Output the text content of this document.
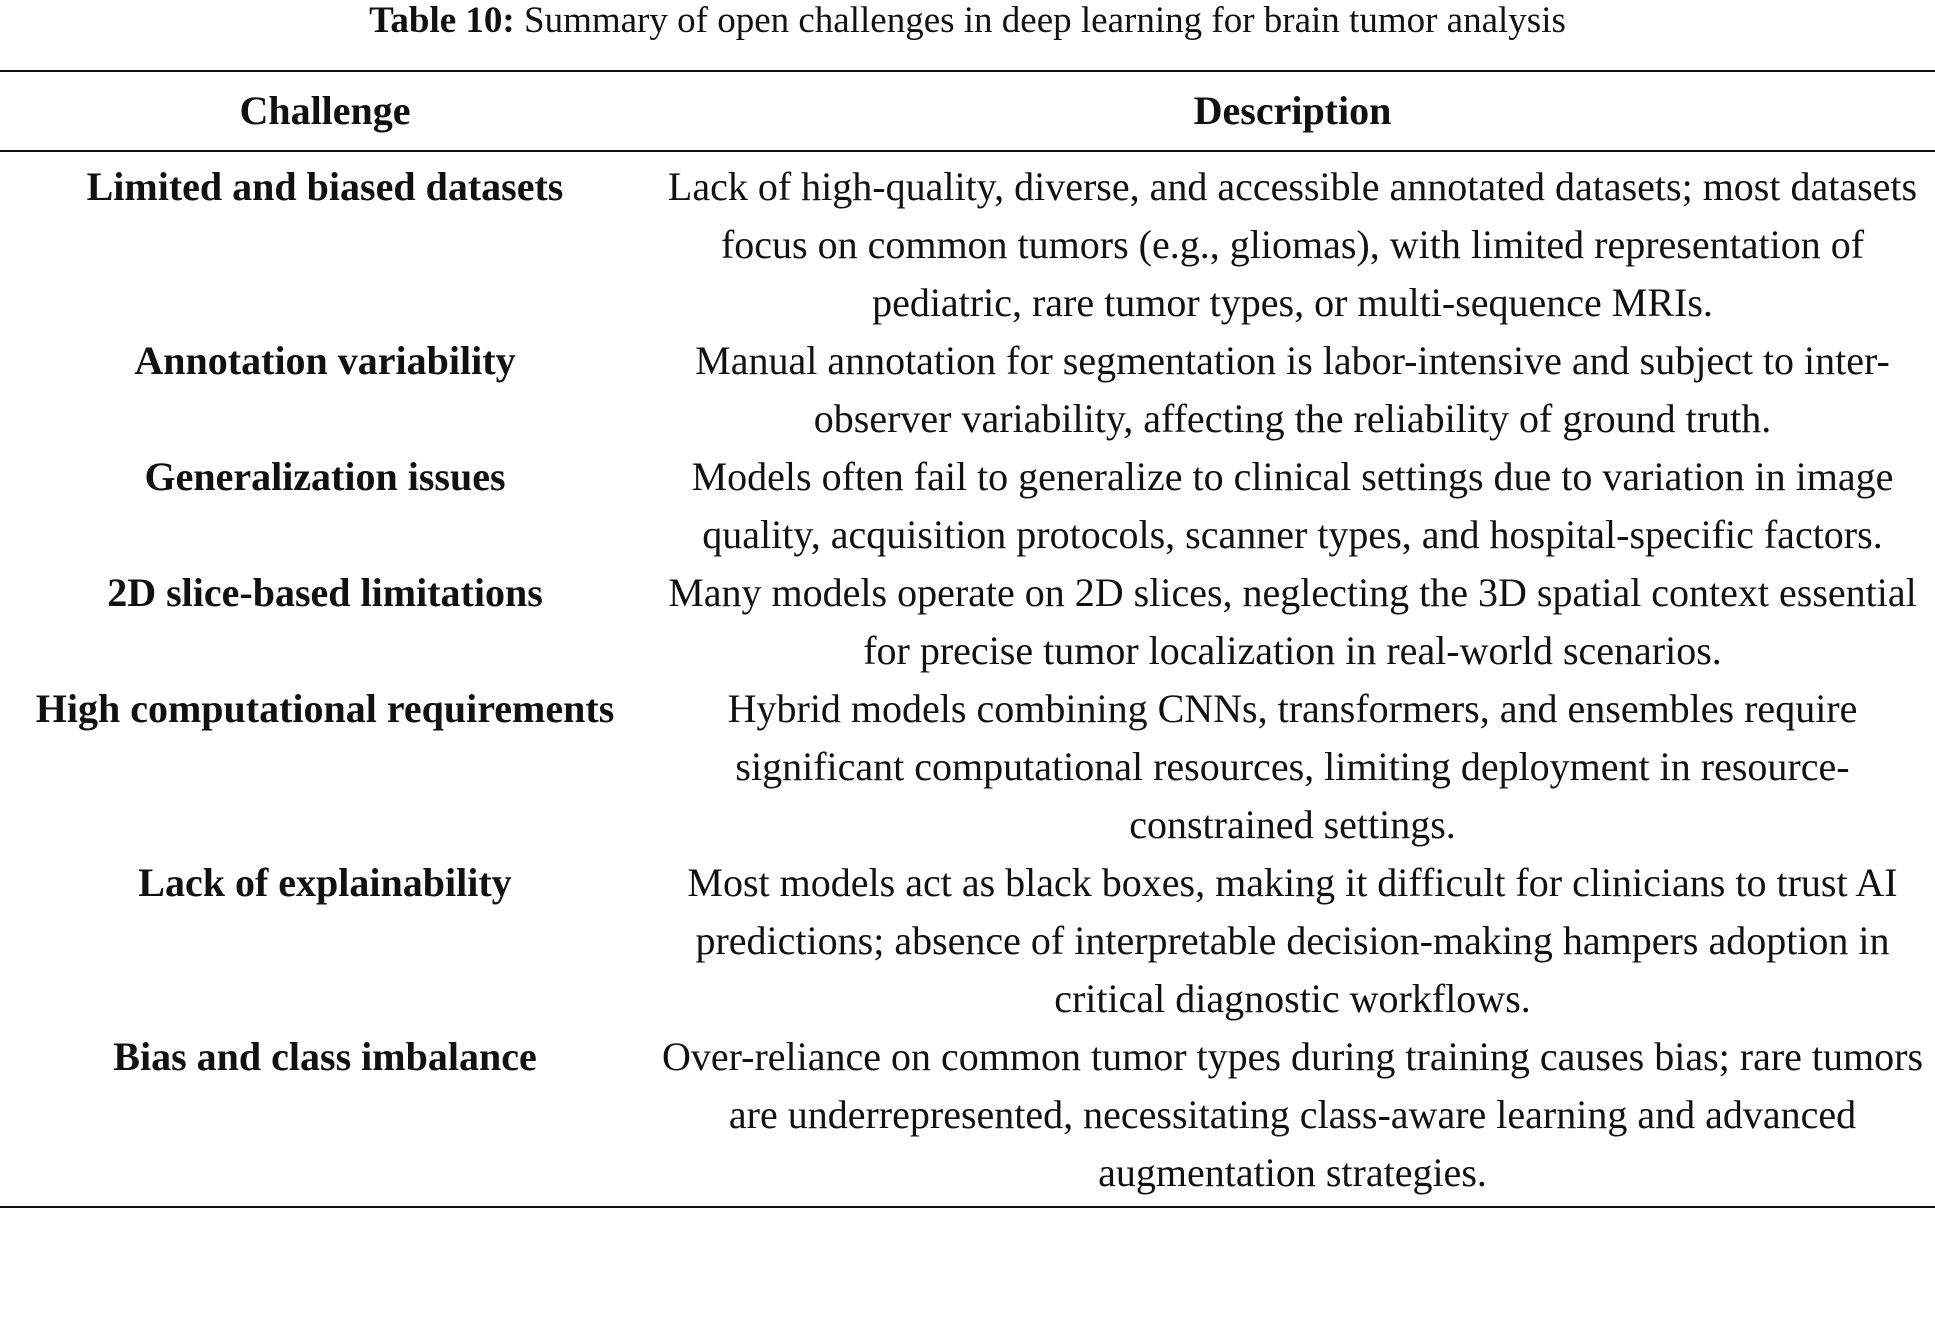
Table 10: Summary of open challenges in deep learning for brain tumor analysis
Challenge	Description
Limited and biased datasets	Lack of high-quality, diverse, and accessible annotated datasets; most datasets focus on common tumors (e.g., gliomas), with limited representation of pediatric, rare tumor types, or multi-sequence MRIs.
Annotation variability	Manual annotation for segmentation is labor-intensive and subject to inter-observer variability, affecting the reliability of ground truth.
Generalization issues	Models often fail to generalize to clinical settings due to variation in image quality, acquisition protocols, scanner types, and hospital-specific factors.
2D slice-based limitations	Many models operate on 2D slices, neglecting the 3D spatial context essential for precise tumor localization in real-world scenarios.
High computational requirements	Hybrid models combining CNNs, transformers, and ensembles require significant computational resources, limiting deployment in resource-constrained settings.
Lack of explainability	Most models act as black boxes, making it difficult for clinicians to trust AI predictions; absence of interpretable decision-making hampers adoption in critical diagnostic workflows.
Bias and class imbalance	Over-reliance on common tumor types during training causes bias; rare tumors are underrepresented, necessitating class-aware learning and advanced augmentation strategies.
